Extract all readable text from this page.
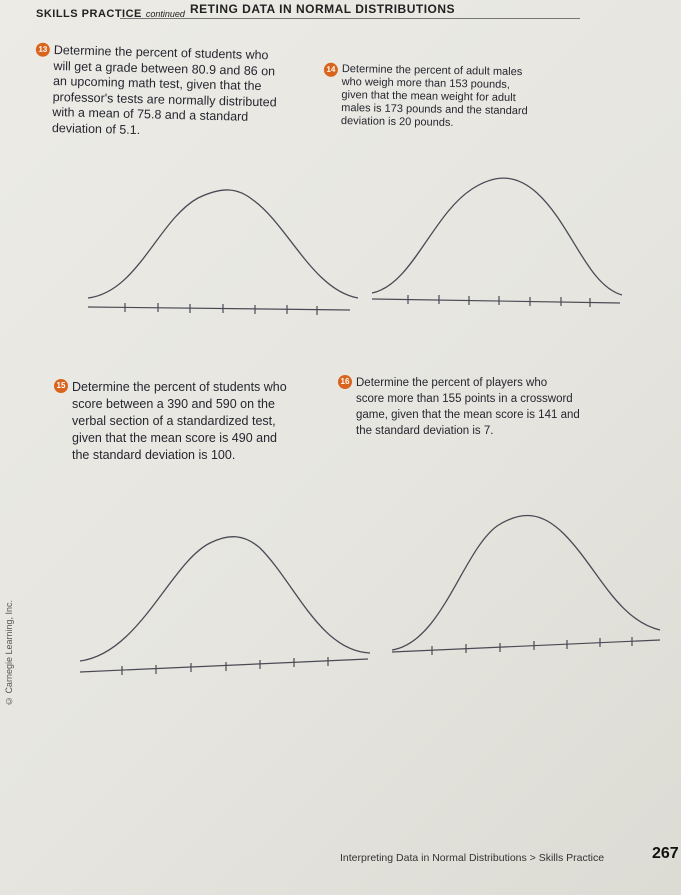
RETING DATA IN NORMAL DISTRIBUTIONS
SKILLS PRACTICE continued
13 Determine the percent of students who
will get a grade between 80.9 and 86 on
an upcoming math test, given that the
professor's tests are normally distributed
with a mean of 75.8 and a standard
deviation of 5.1.
14 Determine the percent of adult males
who weigh more than 153 pounds,
given that the mean weight for adult
males is 173 pounds and the standard
deviation is 20 pounds.
15 Determine the percent of students who
score between a 390 and 590 on the
verbal section of a standardized test,
given that the mean score is 490 and
the standard deviation is 100.
16 Determine the percent of players who
score more than 155 points in a crossword
game, given that the mean score is 141 and
the standard deviation is 7.
© Carnegie Learning, Inc.
Interpreting Data in Normal Distributions > Skills Practice	267
